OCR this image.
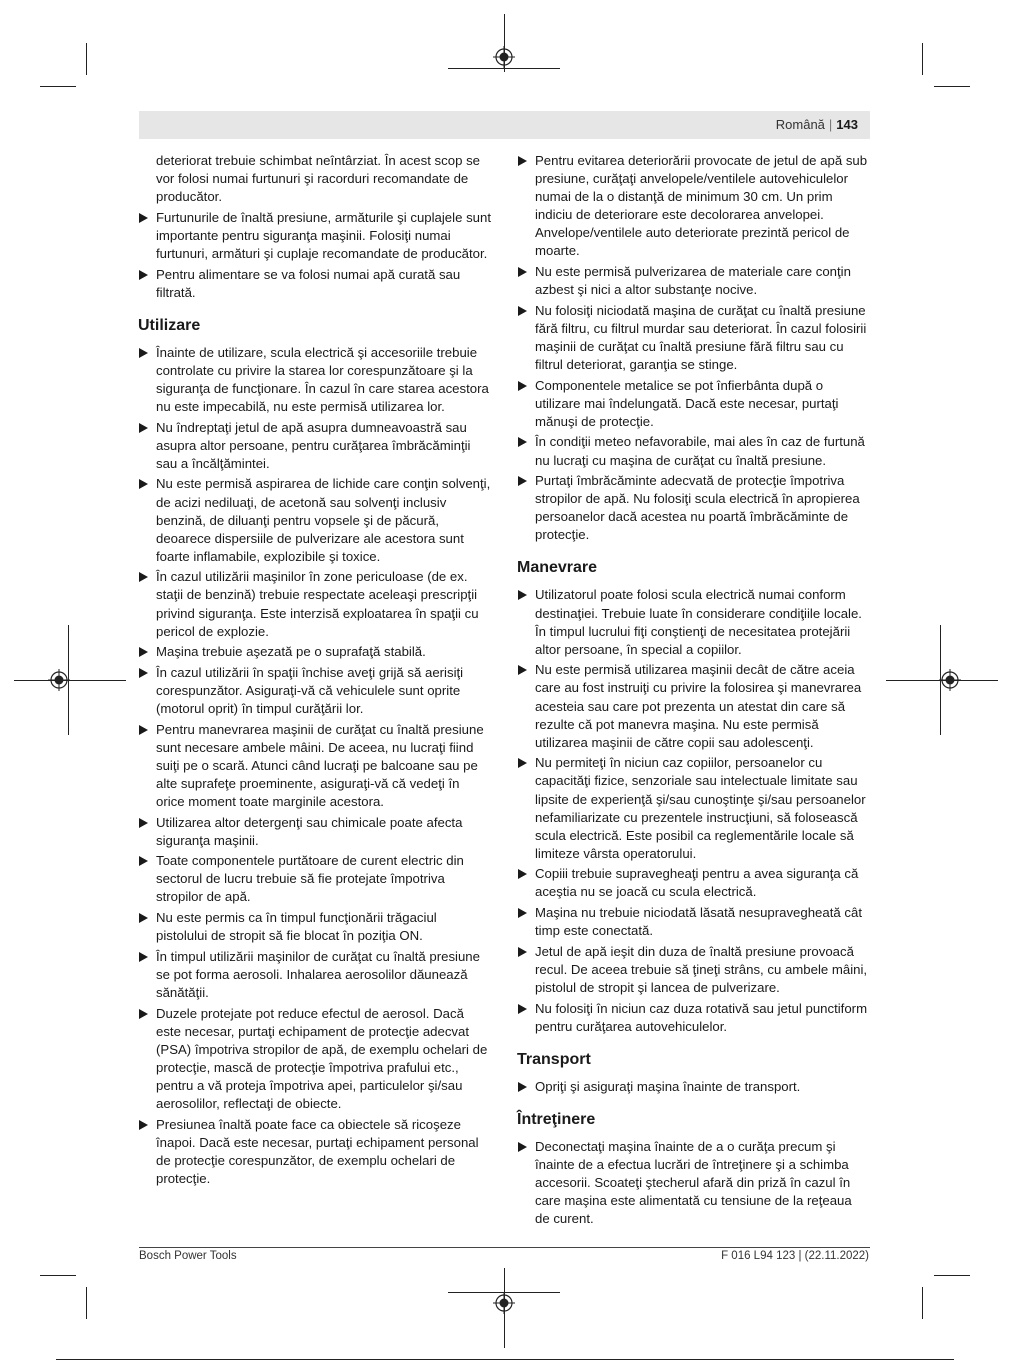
Română | 143

deteriorat trebuie schimbat neîntârziat. În acest scop se vor folosi numai furtunuri şi racorduri recomandate de producător.

Furtunurile de înaltă presiune, armăturile şi cuplajele sunt importante pentru siguranţa maşinii. Folosiţi numai furtunuri, armături şi cuplaje recomandate de producător.
Pentru alimentare se va folosi numai apă curată sau filtrată.
Utilizare
Înainte de utilizare, scula electrică şi accesoriile trebuie controlate cu privire la starea lor corespunzătoare şi la siguranţa de funcţionare. În cazul în care starea acestora nu este impecabilă, nu este permisă utilizarea lor.
Nu îndreptaţi jetul de apă asupra dumneavoastră sau asupra altor persoane, pentru curăţarea îmbrăcăminţii sau a încălţămintei.
Nu este permisă aspirarea de lichide care conţin solvenţi, de acizi nediluaţi, de acetonă sau solvenţi inclusiv benzină, de diluanţi pentru vopsele şi de păcură, deoarece dispersiile de pulverizare ale acestora sunt foarte inflamabile, explozibile şi toxice.
În cazul utilizării maşinilor în zone periculoase (de ex. staţii de benzină) trebuie respectate aceleaşi prescripţii privind siguranţa. Este interzisă exploatarea în spaţii cu pericol de explozie.
Maşina trebuie aşezată pe o suprafaţă stabilă.
În cazul utilizării în spaţii închise aveţi grijă să aerisiţi corespunzător. Asiguraţi-vă că vehiculele sunt oprite (motorul oprit) în timpul curăţării lor.
Pentru manevrarea maşinii de curăţat cu înaltă presiune sunt necesare ambele mâini. De aceea, nu lucraţi fiind suiţi pe o scară. Atunci când lucraţi pe balcoane sau pe alte suprafeţe proeminente, asiguraţi-vă că vedeţi în orice moment toate marginile acestora.
Utilizarea altor detergenţi sau chimicale poate afecta siguranţa maşinii.
Toate componentele purtătoare de curent electric din sectorul de lucru trebuie să fie protejate împotriva stropilor de apă.
Nu este permis ca în timpul funcţionării trăgaciul pistolului de stropit să fie blocat în poziţia ON.
În timpul utilizării maşinilor de curăţat cu înaltă presiune se pot forma aerosoli. Inhalarea aerosolilor dăunează sănătăţii.
Duzele protejate pot reduce efectul de aerosol. Dacă este necesar, purtaţi echipament de protecţie adecvat (PSA) împotriva stropilor de apă, de exemplu ochelari de protecţie, mască de protecţie împotriva prafului etc., pentru a vă proteja împotriva apei, particulelor şi/sau aerosolilor, reflectaţi de obiecte.
Presiunea înaltă poate face ca obiectele să ricoşeze înapoi. Dacă este necesar, purtaţi echipament personal de protecţie corespunzător, de exemplu ochelari de protecţie.
Pentru evitarea deteriorării provocate de jetul de apă sub presiune, curăţaţi anvelopele/ventilele autovehiculelor numai de la o distanţă de minimum 30 cm. Un prim indiciu de deteriorare este decolorarea anvelopei. Anvelope/ventilele auto deteriorate prezintă pericol de moarte.
Nu este permisă pulverizarea de materiale care conţin azbest şi nici a altor substanţe nocive.
Nu folosiţi niciodată maşina de curăţat cu înaltă presiune fără filtru, cu filtrul murdar sau deteriorat. În cazul folosirii maşinii de curăţat cu înaltă presiune fără filtru sau cu filtrul deteriorat, garanţia se stinge.
Componentele metalice se pot înfierbânta după o utilizare mai îndelungată. Dacă este necesar, purtaţi mănuşi de protecţie.
În condiţii meteo nefavorabile, mai ales în caz de furtună nu lucraţi cu maşina de curăţat cu înaltă presiune.
Purtaţi îmbrăcăminte adecvată de protecţie împotriva stropilor de apă. Nu folosiţi scula electrică în apropierea persoanelor dacă acestea nu poartă îmbrăcăminte de protecţie.
Manevrare
Utilizatorul poate folosi scula electrică numai conform destinaţiei. Trebuie luate în considerare condiţiile locale. În timpul lucrului fiţi conştienţi de necesitatea protejării altor persoane, în special a copiilor.
Nu este permisă utilizarea maşinii decât de către aceia care au fost instruiţi cu privire la folosirea şi manevrarea acesteia sau care pot prezenta un atestat din care să rezulte că pot manevra maşina. Nu este permisă utilizarea maşinii de către copii sau adolescenţi.
Nu permiteţi în niciun caz copiilor, persoanelor cu capacităţi fizice, senzoriale sau intelectuale limitate sau lipsite de experienţă şi/sau cunoştinţe şi/sau persoanelor nefamiliarizate cu prezentele instrucţiuni, să folosească scula electrică. Este posibil ca reglementările locale să limiteze vârsta operatorului.
Copiii trebuie supravegheaţi pentru a avea siguranţa că aceştia nu se joacă cu scula electrică.
Maşina nu trebuie niciodată lăsată nesupravegheată cât timp este conectată.
Jetul de apă ieşit din duza de înaltă presiune provoacă recul. De aceea trebuie să ţineţi strâns, cu ambele mâini, pistolul de stropit şi lancea de pulverizare.
Nu folosiţi în niciun caz duza rotativă sau jetul punctiform pentru curăţarea autovehiculelor.
Transport
Opriţi şi asiguraţi maşina înainte de transport.
Întreţinere
Deconectaţi maşina înainte de a o curăţa precum şi înainte de a efectua lucrări de întreţinere şi a schimba accesorii. Scoateţi ştecherul afară din priză în cazul în care maşina este alimentată cu tensiune de la reţeaua de curent.
Bosch Power Tools	F 016 L94 123 | (22.11.2022)
